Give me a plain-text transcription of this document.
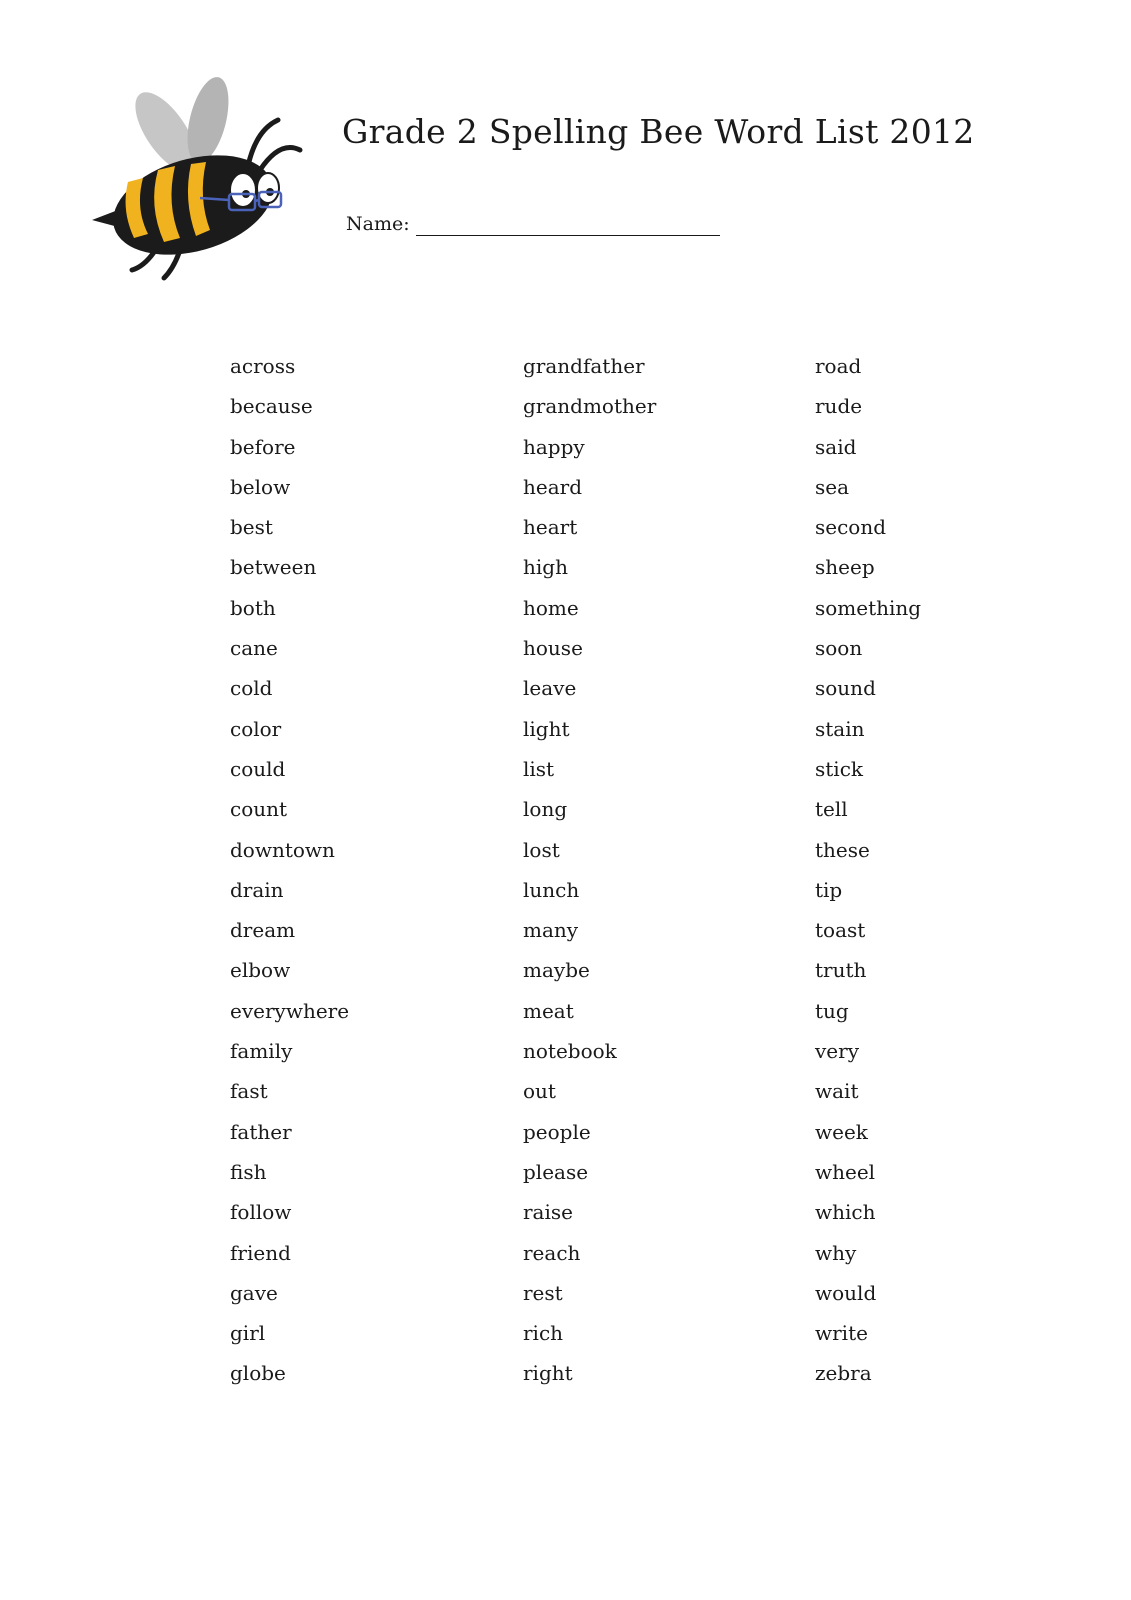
Grade 2 Spelling Bee Word List 2012
Name:
across
because
before
below
best
between
both
cane
cold
color
could
count
downtown
drain
dream
elbow
everywhere
family
fast
father
fish
follow
friend
gave
girl
globe
grandfather
grandmother
happy
heard
heart
high
home
house
leave
light
list
long
lost
lunch
many
maybe
meat
notebook
out
people
please
raise
reach
rest
rich
right
road
rude
said
sea
second
sheep
something
soon
sound
stain
stick
tell
these
tip
toast
truth
tug
very
wait
week
wheel
which
why
would
write
zebra
